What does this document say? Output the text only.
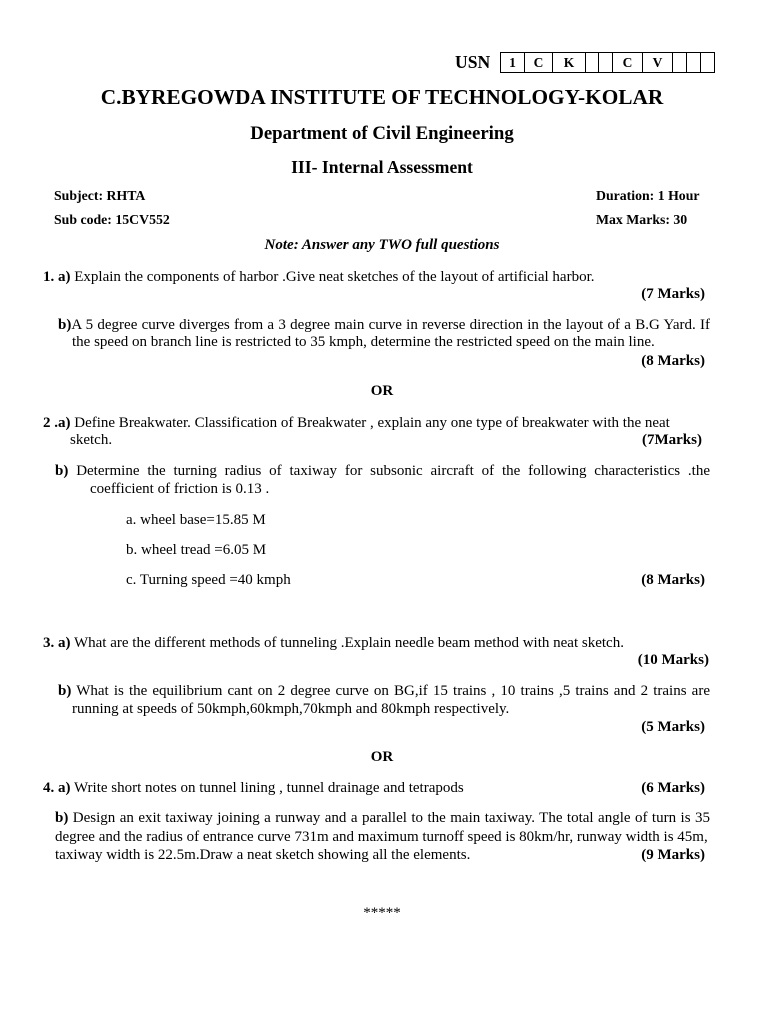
USN	1	C	K	C	V
C.BYREGOWDA INSTITUTE OF TECHNOLOGY-KOLAR
Department of Civil Engineering
III- Internal Assessment
Subject: RHTA	Duration: 1 Hour
Sub code: 15CV552	Max Marks: 30
Note: Answer any TWO full questions
1. a) Explain the components of harbor .Give neat sketches of the layout of artificial harbor.
(7 Marks)
b)A 5 degree curve diverges from a 3 degree main curve in reverse direction in the layout of a B.G Yard. If
the speed on branch line is restricted to 35 kmph, determine the restricted speed on the main line.
(8 Marks)
OR
2 .a) Define Breakwater. Classification of Breakwater , explain any one type of breakwater with the neat
sketch.	(7Marks)
b) Determine the turning radius of taxiway for subsonic aircraft of the following characteristics .the
coefficient of friction is 0.13 .
a. wheel base=15.85 M
b. wheel tread =6.05 M
c. Turning speed =40 kmph	(8 Marks)
3. a) What are the different methods of tunneling .Explain needle beam method with neat sketch.
(10 Marks)
b) What is the equilibrium cant on 2 degree curve on BG,if 15 trains , 10 trains ,5 trains and 2 trains are
running at speeds of 50kmph,60kmph,70kmph and 80kmph respectively.
(5 Marks)
OR
4. a) Write short notes on tunnel lining , tunnel drainage and tetrapods	(6 Marks)
b) Design an exit taxiway joining a runway and a parallel to the main taxiway. The total angle of turn is 35
degree and the radius of entrance curve 731m and maximum turnoff speed is 80km/hr, runway width is 45m,
taxiway width is 22.5m.Draw a neat sketch showing all the elements.	(9 Marks)
*****
